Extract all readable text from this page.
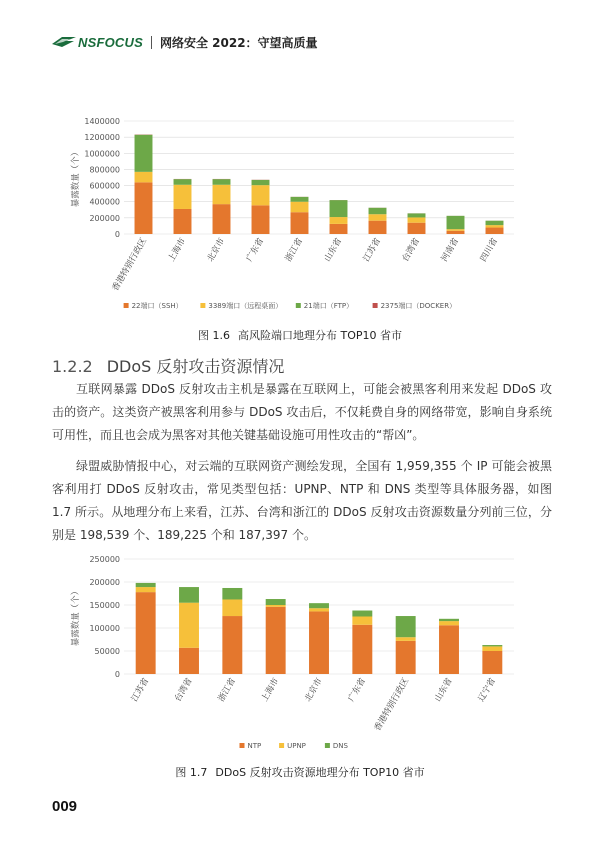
NSFOCUS 网络安全 2022：守望高质量
暴露数量（个）
0
200000
400000
600000
800000
1000000
1200000
1400000
香港特别行政区 上海市 北京市 广东省 浙江省 山东省 江苏省 台湾省 河南省 四川省
22端口（SSH）	3389端口（远程桌面）	21端口（FTP）	2375端口（DOCKER）
图 1.6 高风险端口地理分布 TOP10 省市
1.2.2 DDoS 反射攻击资源情况

互联网暴露 DDoS 反射攻击主机是暴露在互联网上，可能会被黑客利用来发起 DDoS 攻击的资产。这类资产被黑客利用参与 DDoS 攻击后，不仅耗费自身的网络带宽，影响自身系统可用性，而且也会成为黑客对其他关键基础设施可用性攻击的“帮凶”。

绿盟威胁情报中心，对云端的互联网资产测绘发现，全国有 1,959,355 个 IP 可能会被黑客利用打 DDoS 反射攻击，常见类型包括：UPNP、NTP 和 DNS 类型等具体服务器，如图 1.7 所示。从地理分布上来看，江苏、台湾和浙江的 DDoS 反射攻击资源数量分列前三位，分别是 198,539 个、189,225 个和 187,397 个。

暴露数量（个）
0
50000
100000
150000
200000
250000
江苏省	台湾省	浙江省	上海市	北京市	广东省 香港特别行政区	山东省	辽宁省
NTP	UPNP	DNS
图 1.7 DDoS 反射攻击资源地理分布 TOP10 省市
009
